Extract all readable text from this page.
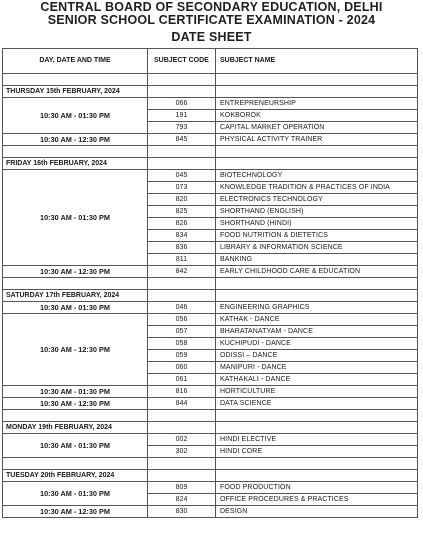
CENTRAL BOARD OF SECONDARY EDUCATION, DELHI
SENIOR SCHOOL CERTIFICATE EXAMINATION - 2024
DATE SHEET
DAY, DATE AND TIME	SUBJECT CODE	SUBJECT NAME

THURSDAY 15th FEBRUARY, 2024		
10:30 AM - 01:30 PM	066	ENTREPRENEURSHIP
	191	KOKBOROK
	793	CAPITAL MARKET OPERATION
10:30 AM - 12:30 PM	845	PHYSICAL ACTIVITY TRAINER

FRIDAY 16th FEBRUARY, 2024		
10:30 AM - 01:30 PM	045	BIOTECHNOLOGY
	073	KNOWLEDGE TRADITION & PRACTICES OF INDIA
	820	ELECTRONICS TECHNOLOGY
	825	SHORTHAND (ENGLISH)
	826	SHORTHAND (HINDI)
	834	FOOD NUTRITION & DIETETICS
	836	LIBRARY & INFORMATION SCIENCE
	811	BANKING
10:30 AM - 12:30 PM	842	EARLY CHILDHOOD CARE & EDUCATION

SATURDAY 17th FEBRUARY, 2024		
10:30 AM - 01:30 PM	046	ENGINEERING GRAPHICS
10:30 AM - 12:30 PM	056	KATHAK - DANCE
	057	BHARATANATYAM - DANCE
	058	KUCHIPUDI - DANCE
	059	ODISSI – DANCE
	060	MANIPURI - DANCE
	061	KATHAKALI - DANCE
10:30 AM - 01:30 PM	816	HORTICULTURE
10:30 AM - 12:30 PM	844	DATA SCIENCE

MONDAY 19th FEBRUARY, 2024		
10:30 AM - 01:30 PM	002	HINDI ELECTIVE
	302	HINDI CORE

TUESDAY 20th FEBRUARY, 2024		
10:30 AM - 01:30 PM	809	FOOD PRODUCTION
	824	OFFICE PROCEDURES & PRACTICES
10:30 AM - 12:30 PM	830	DESIGN
